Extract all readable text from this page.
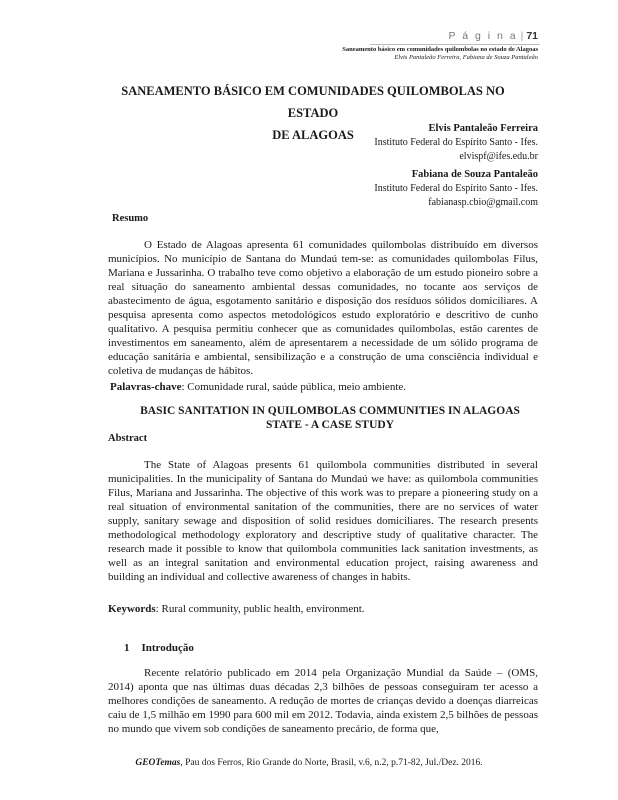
P á g i n a | 71
Saneamento básico em comunidades quilombolas no estado de Alagoas
Elvis Pantaleão Ferreira, Fabiana de Souza Pantaleão
SANEAMENTO BÁSICO EM COMUNIDADES QUILOMBOLAS NO ESTADO
DE ALAGOAS	Elvis Pantaleão Ferreira
Instituto Federal do Espírito Santo - Ifes.
elvispf@ifes.edu.br
Fabiana de Souza Pantaleão
Instituto Federal do Espírito Santo - Ifes.
fabianasp.cbio@gmail.com
Resumo
O Estado de Alagoas apresenta 61 comunidades quilombolas distribuído em diversos municípios. No município de Santana do Mundaú tem-se: as comunidades quilombolas Filus, Mariana e Jussarinha. O trabalho teve como objetivo a elaboração de um estudo pioneiro sobre a real situação do saneamento ambiental dessas comunidades, no tocante aos serviços de abastecimento de água, esgotamento sanitário e disposição dos resíduos sólidos domiciliares. A pesquisa apresenta como aspectos metodológicos estudo exploratório e descritivo de cunho qualitativo. A pesquisa permitiu conhecer que as comunidades quilombolas, estão carentes de investimentos em saneamento, além de apresentarem a necessidade de um sólido programa de educação sanitária e ambiental, sensibilização e a construção de uma consciência individual e coletiva de mudanças de hábitos.
Palavras-chave: Comunidade rural, saúde pública, meio ambiente.
BASIC SANITATION IN QUILOMBOLAS COMMUNITIES IN ALAGOAS
STATE - A CASE STUDY
Abstract
The State of Alagoas presents 61 quilombola communities distributed in several municipalities. In the municipality of Santana do Mundaú we have: as quilombola communities Filus, Mariana and Jussarinha. The objective of this work was to prepare a pioneering study on a real situation of environmental sanitation of the communities, there are no services of water supply, sanitary sewage and disposition of solid residues domiciliares. The research presents methodological methodology exploratory and descriptive study of qualitative character. The research made it possible to know that quilombola communities lack sanitation investments, as well as an integral sanitation and environmental education project, raising awareness and building an individual and collective awareness of changes in habits.
Keywords: Rural community, public health, environment.
1 Introdução
Recente relatório publicado em 2014 pela Organização Mundial da Saúde – (OMS, 2014) aponta que nas últimas duas décadas 2,3 bilhões de pessoas conseguiram ter acesso a melhores condições de saneamento. A redução de mortes de crianças devido a doenças diarreicas caiu de 1,5 milhão em 1990 para 600 mil em 2012. Todavia, ainda existem 2,5 bilhões de pessoas no mundo que vivem sob condições de saneamento precário, de forma que,
GEOTemas, Pau dos Ferros, Rio Grande do Norte, Brasil, v.6, n.2, p.71-82, Jul./Dez. 2016.
